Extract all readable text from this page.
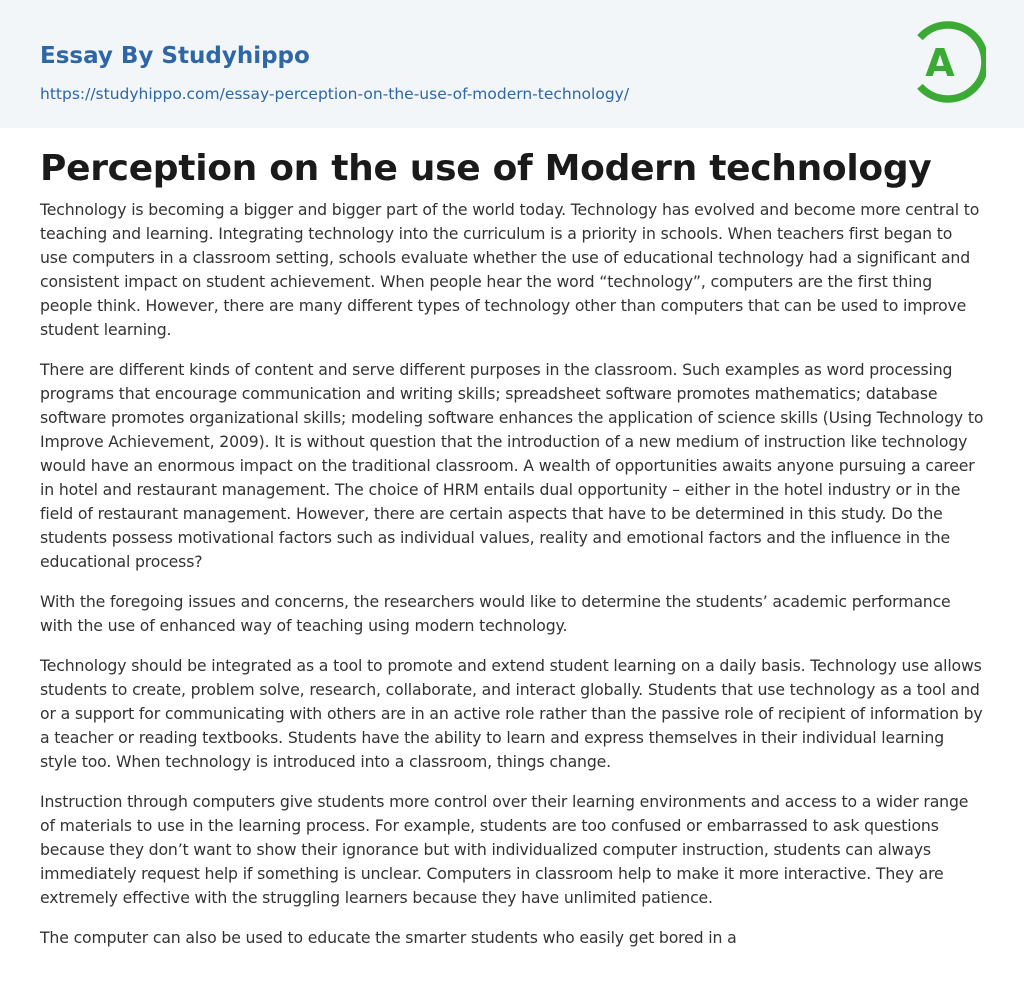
Essay By Studyhippo
https://studyhippo.com/essay-perception-on-the-use-of-modern-technology/
A
Perception on the use of Modern technology

Technology is becoming a bigger and bigger part of the world today. Technology has evolved and become more central to teaching and learning. Integrating technology into the curriculum is a priority in schools. When teachers first began to use computers in a classroom setting, schools evaluate whether the use of educational technology had a significant and consistent impact on student achievement. When people hear the word “technology”, computers are the first thing people think. However, there are many different types of technology other than computers that can be used to improve student learning.

There are different kinds of content and serve different purposes in the classroom. Such examples as word processing programs that encourage communication and writing skills; spreadsheet software promotes mathematics; database software promotes organizational skills; modeling software enhances the application of science skills (Using Technology to Improve Achievement, 2009). It is without question that the introduction of a new medium of instruction like technology would have an enormous impact on the traditional classroom. A wealth of opportunities awaits anyone pursuing a career in hotel and restaurant management. The choice of HRM entails dual opportunity – either in the hotel industry or in the field of restaurant management. However, there are certain aspects that have to be determined in this study. Do the students possess motivational factors such as individual values, reality and emotional factors and the influence in the educational process?

With the foregoing issues and concerns, the researchers would like to determine the students’ academic performance with the use of enhanced way of teaching using modern technology.

Technology should be integrated as a tool to promote and extend student learning on a daily basis. Technology use allows students to create, problem solve, research, collaborate, and interact globally. Students that use technology as a tool and or a support for communicating with others are in an active role rather than the passive role of recipient of information by a teacher or reading textbooks. Students have the ability to learn and express themselves in their individual learning style too. When technology is introduced into a classroom, things change.

Instruction through computers give students more control over their learning environments and access to a wider range of materials to use in the learning process. For example, students are too confused or embarrassed to ask questions because they don’t want to show their ignorance but with individualized computer instruction, students can always immediately request help if something is unclear. Computers in classroom help to make it more interactive. They are extremely effective with the struggling learners because they have unlimited patience.

The computer can also be used to educate the smarter students who easily get bored in a
